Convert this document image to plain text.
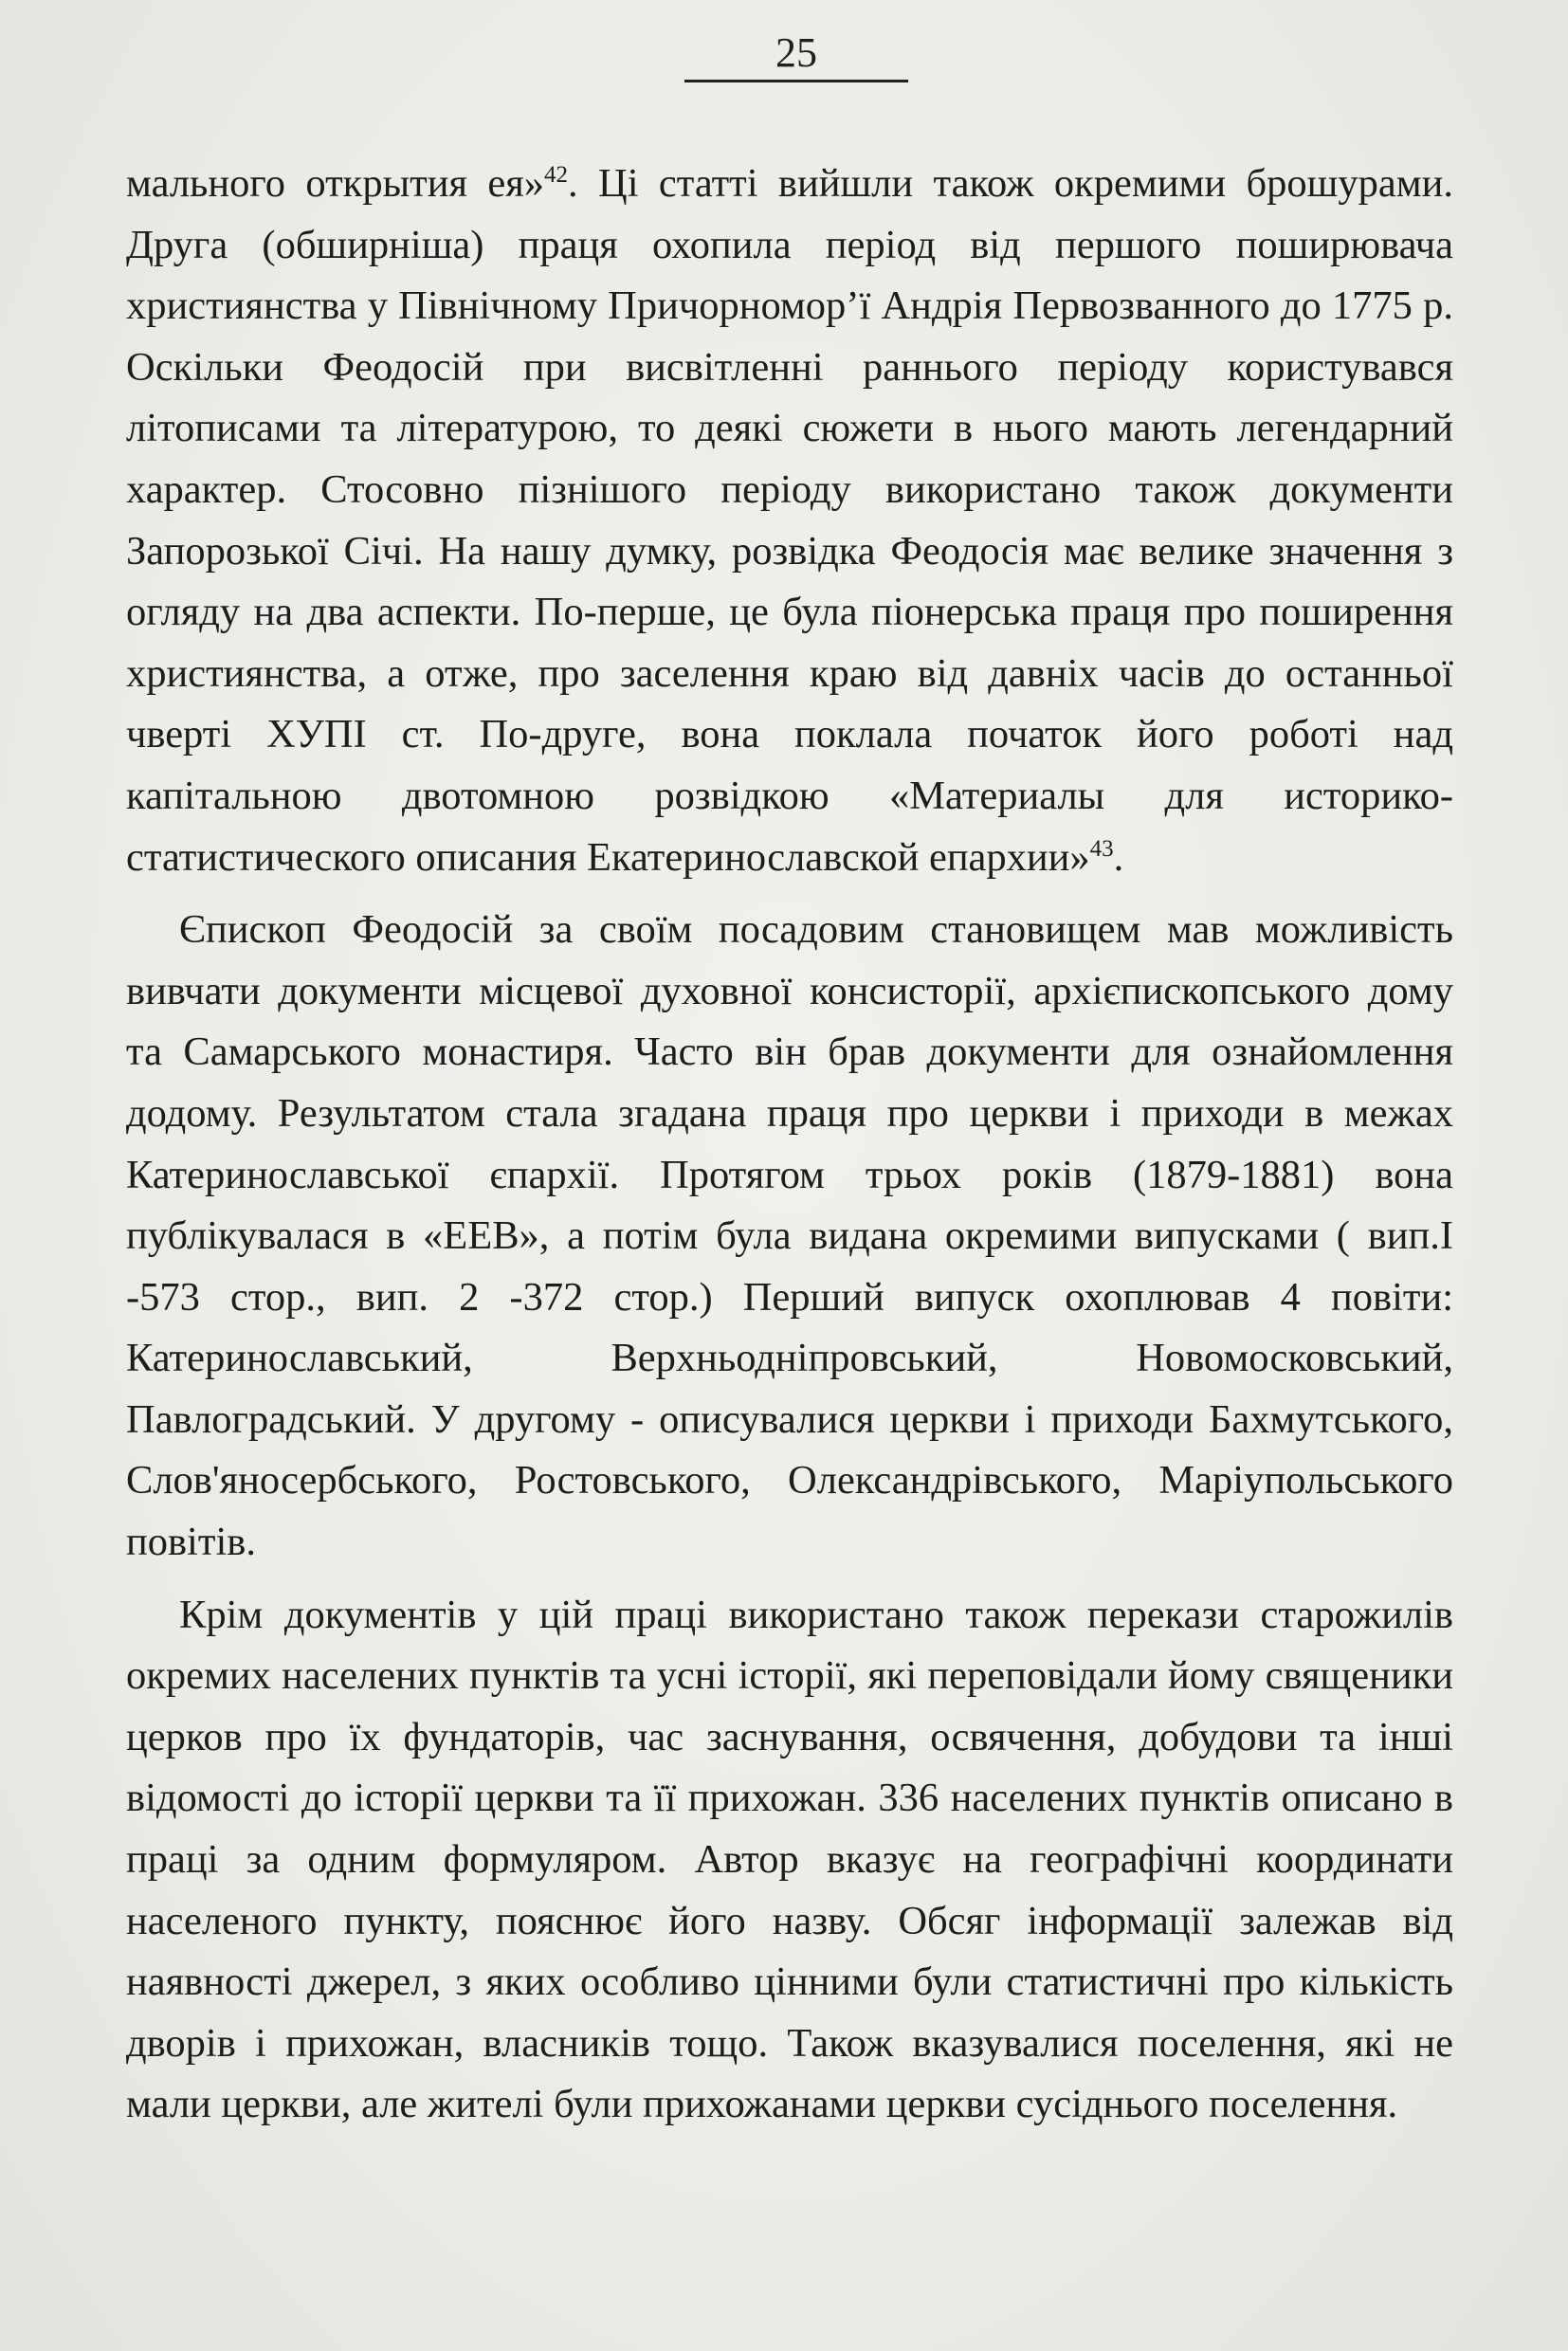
25

мального открытия ея»$^{42}$. Ці статті вийшли також окремими брошурами. Друга (обширніша) праця охопила період від першого поширювача християнства у Північному Причорномор’ї Андрія Первозванного до 1775 р. Оскільки Феодосій при висвітленні раннього періоду користувався літописами та літературою, то деякі сюжети в нього мають легендарний характер. Стосовно пізнішого періоду використано також документи Запорозької Січі. На нашу думку, розвідка Феодосія має велике значення з огляду на два аспекти. По-перше, це була піонерська праця про поширення християнства, а отже, про заселення краю від давніх часів до останньої чверті ХУПІ ст. По-друге, вона поклала початок його роботі над капітальною двотомною розвідкою «Материалы для историко-статистического описания Екатеринославской епархии»$^{43}$.

Єпископ Феодосій за своїм посадовим становищем мав можливість вивчати документи місцевої духовної консисторії, архієпископського дому та Самарського монастиря. Часто він брав документи для ознайомлення додому. Результатом стала згадана праця про церкви і приходи в межах Катеринославської єпархії. Протягом трьох років (1879-1881) вона публікувалася в «ЕЕВ», а потім була видана окремими випусками ( вип.І -573 стор., вип. 2 -372 стор.) Перший випуск охоплював 4 повіти: Катеринославський, Верхньодніпровський, Новомосковський, Павлоградський. У другому - описувалися церкви і приходи Бахмутського, Слов'яносербського, Ростовського, Олександрівського, Маріупольського повітів.

Крім документів у цій праці використано також перекази старожилів окремих населених пунктів та усні історії, які переповідали йому священики церков про їх фундаторів, час заснування, освячення, добудови та інші відомості до історії церкви та її прихожан. 336 населених пунктів описано в праці за одним формуляром. Автор вказує на географічні координати населеного пункту, пояснює його назву. Обсяг інформації залежав від наявності джерел, з яких особливо цінними були статистичні про кількість дворів і прихожан, власників тощо. Також вказувалися поселення, які не мали церкви, але жителі були прихожанами церкви сусіднього поселення.
